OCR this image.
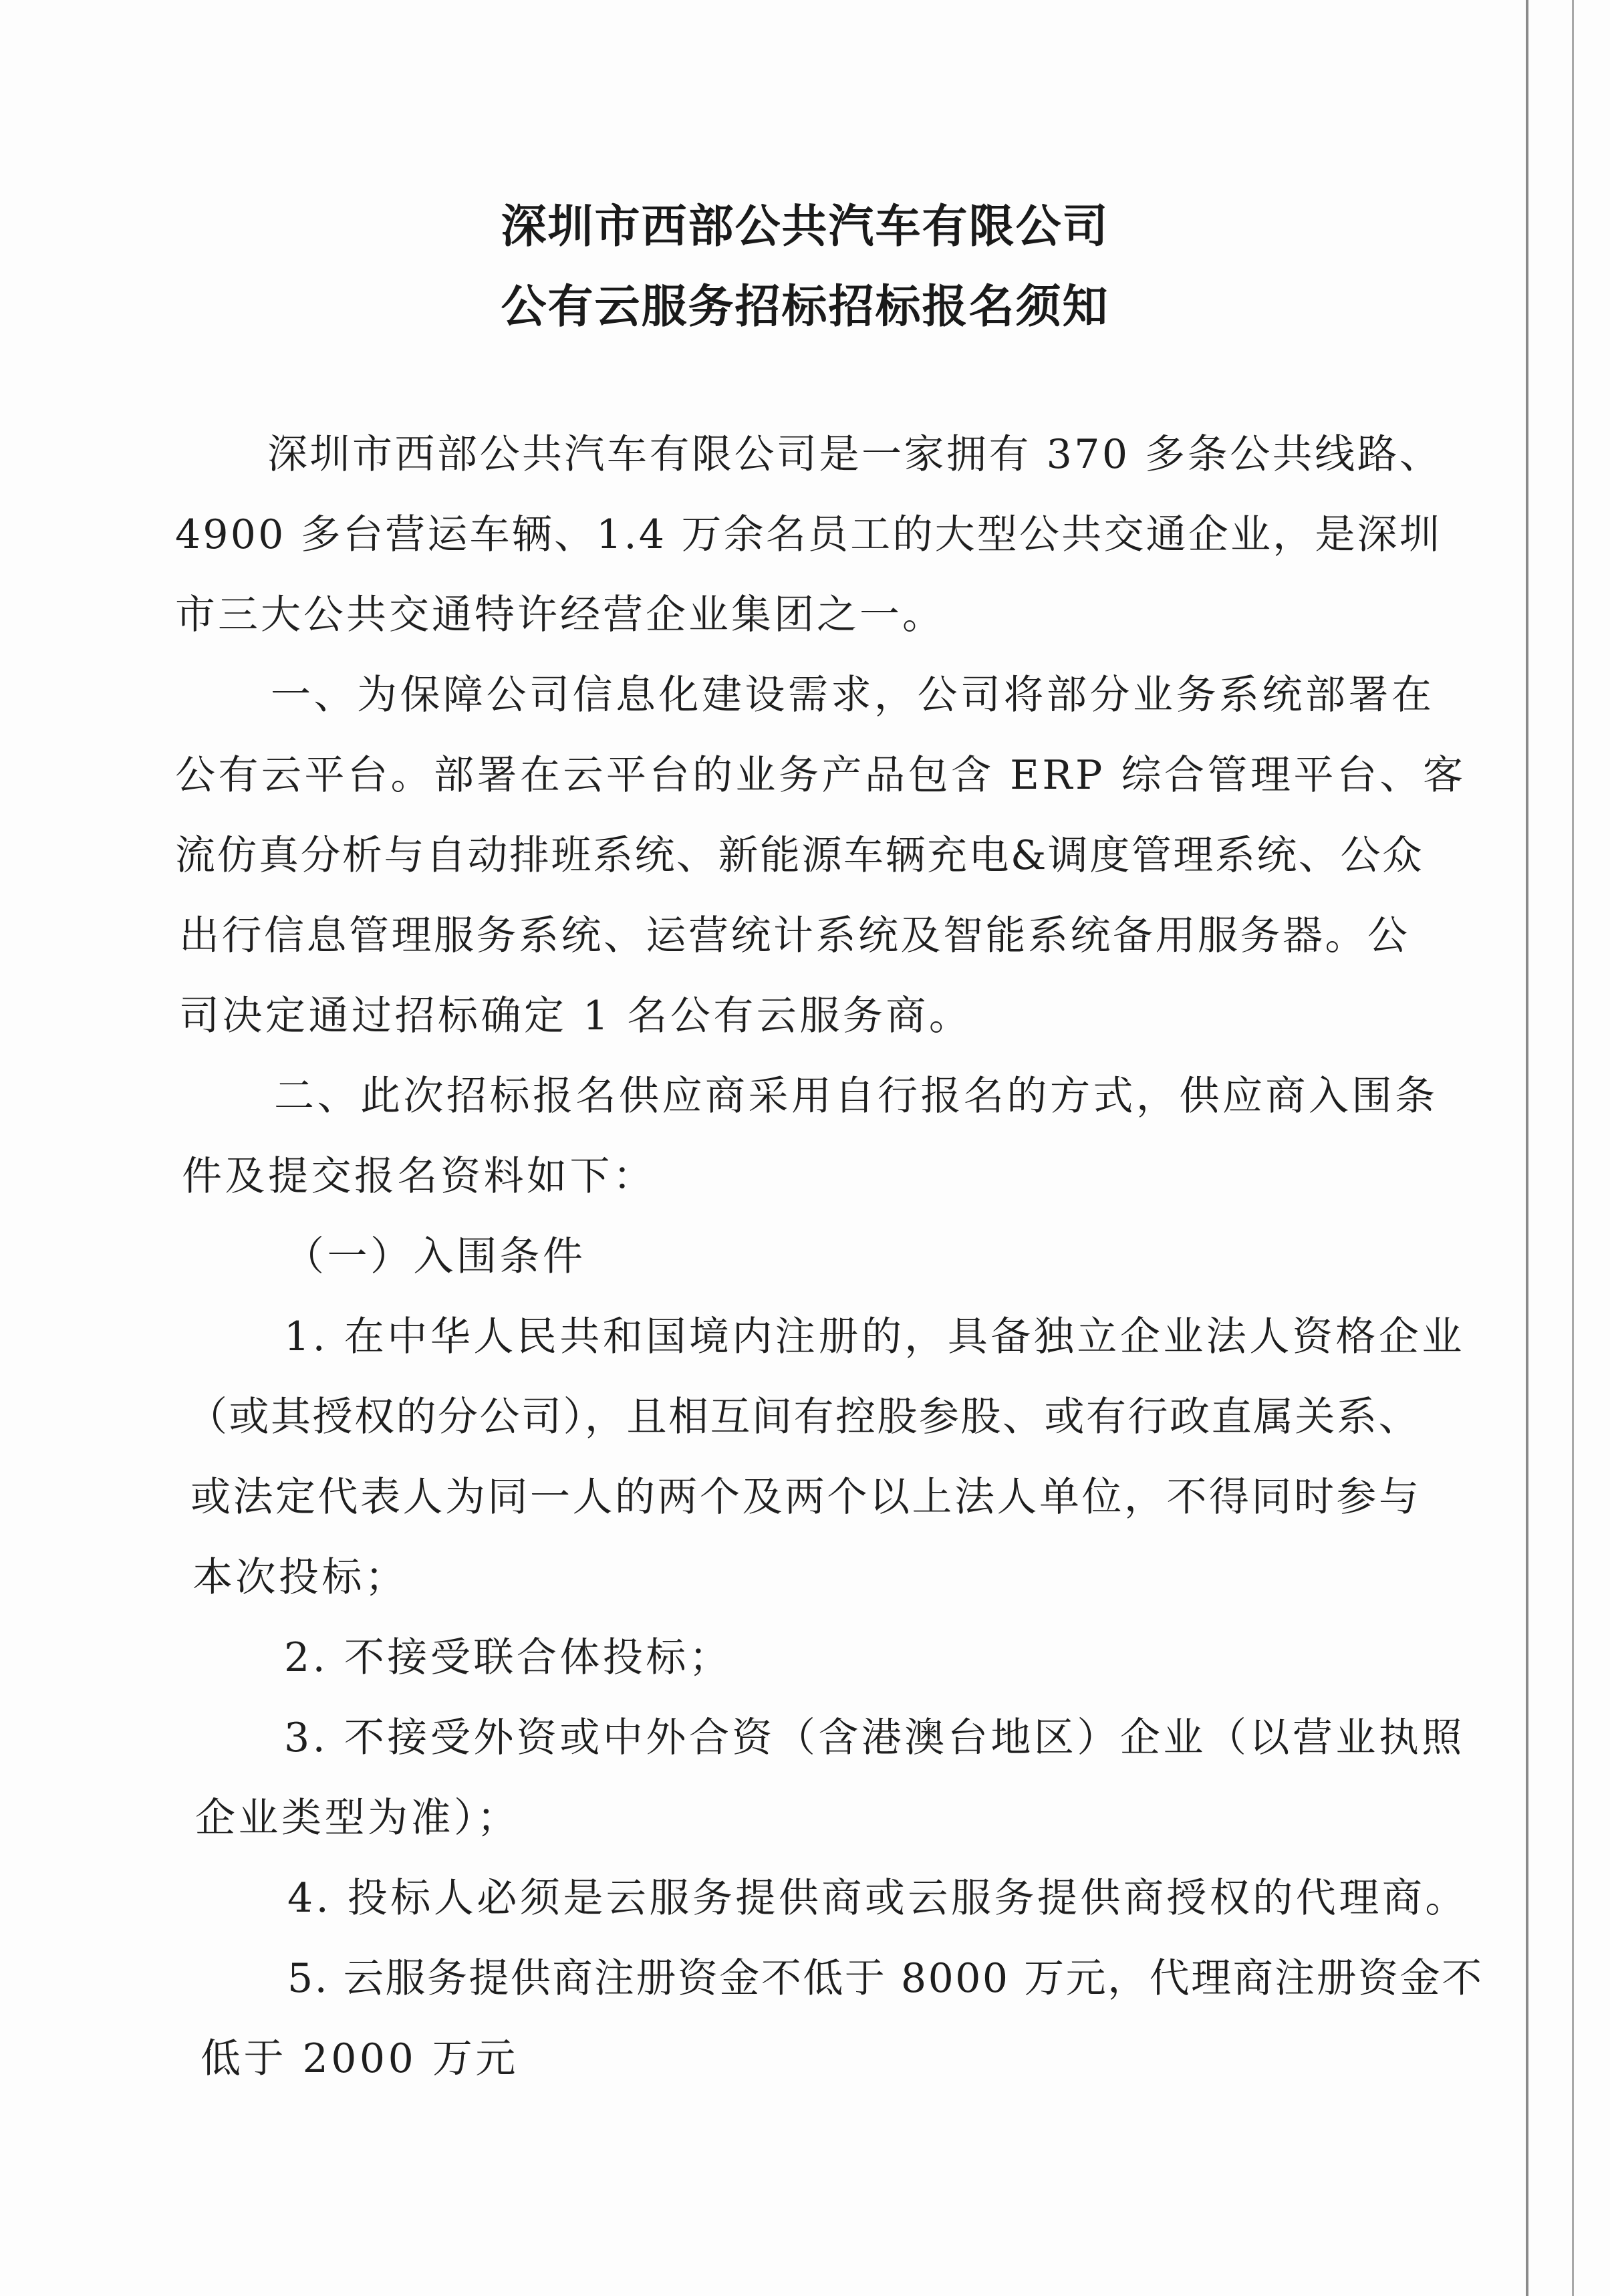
深圳市西部公共汽车有限公司
公有云服务招标招标报名须知
深圳市西部公共汽车有限公司是一家拥有 370 多条公共线路、
4900 多台营运车辆、1.4 万余名员工的大型公共交通企业，是深圳
市三大公共交通特许经营企业集团之一。
一、为保障公司信息化建设需求，公司将部分业务系统部署在
公有云平台。部署在云平台的业务产品包含 ERP 综合管理平台、客
流仿真分析与自动排班系统、新能源车辆充电&调度管理系统、公众
出行信息管理服务系统、运营统计系统及智能系统备用服务器。公
司决定通过招标确定 1 名公有云服务商。
二、此次招标报名供应商采用自行报名的方式，供应商入围条
件及提交报名资料如下：
（一）入围条件
1. 在中华人民共和国境内注册的，具备独立企业法人资格企业
（或其授权的分公司），且相互间有控股参股、或有行政直属关系、
或法定代表人为同一人的两个及两个以上法人单位，不得同时参与
本次投标；
2. 不接受联合体投标；
3. 不接受外资或中外合资（含港澳台地区）企业（以营业执照
企业类型为准）；
4. 投标人必须是云服务提供商或云服务提供商授权的代理商。
5. 云服务提供商注册资金不低于 8000 万元，代理商注册资金不
低于 2000 万元
